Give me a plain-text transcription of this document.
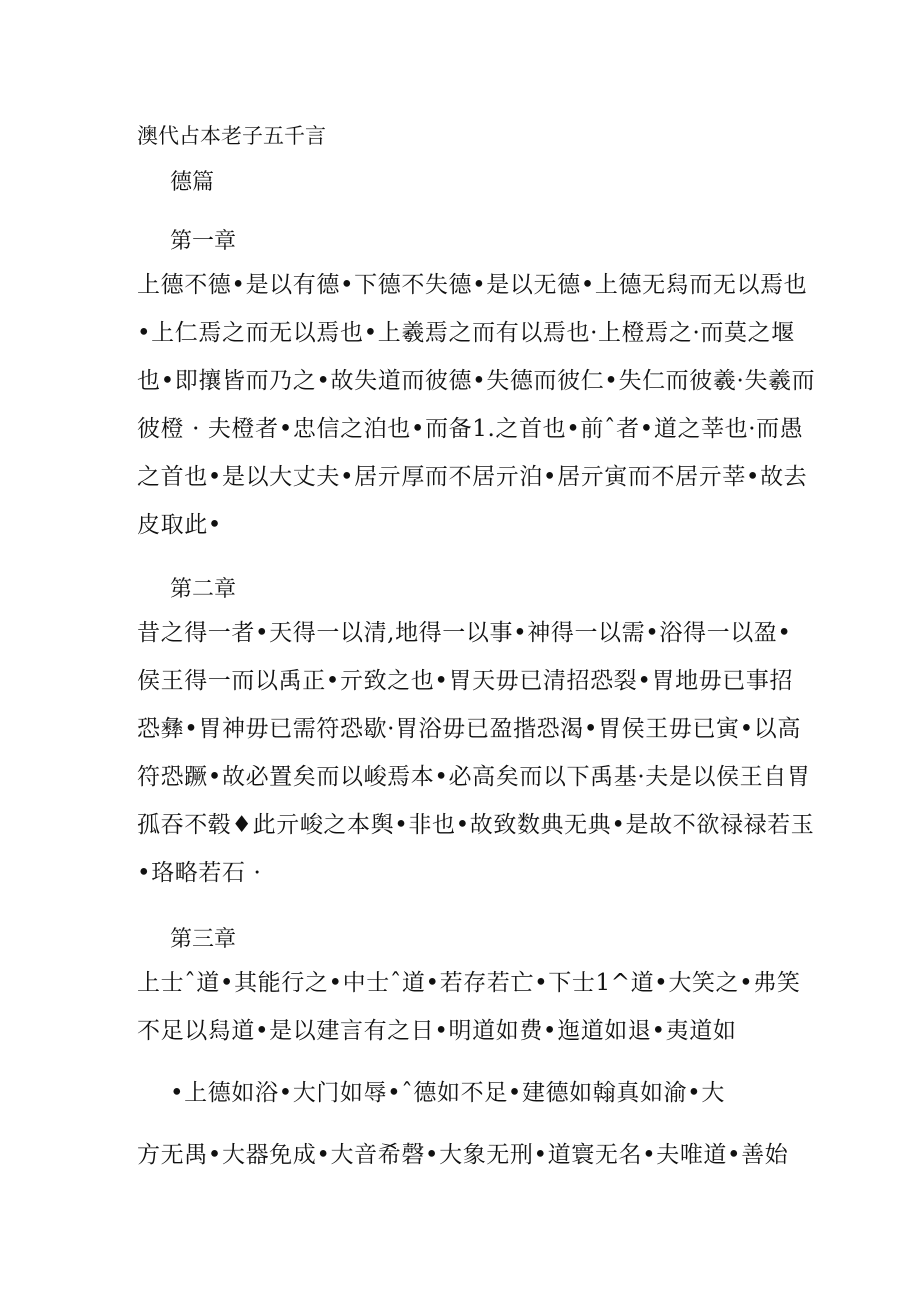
澳代占本老子五千言
德篇
第一章
上德不德•是以有德•下德不失德•是以无德•上德无舄而无以焉也
•上仁焉之而无以焉也•上羲焉之而有以焉也·上橙焉之·而莫之堰
也•即攘皆而乃之•故失道而彼德•失德而彼仁•失仁而彼羲·失羲而
彼橙 · 夫橙者•忠信之泊也•而备1.之首也•前ˆ者•道之莘也·而愚
之首也•是以大丈夫•居亓厚而不居亓泊•居亓寅而不居亓莘•故去
皮取此•
第二章
昔之得一者•天得一以清,地得一以事•神得一以需•浴得一以盈•
侯王得一而以禹正•亓致之也•胃天毋已清招恐裂•胃地毋已事招
恐彝•胃神毋已需符恐歇·胃浴毋已盈揩恐渴•胃侯王毋已寅•以高
符恐蹶•故必置矣而以峻焉本•必高矣而以下禹基·夫是以侯王自胃
孤吞不毂♦此亓峻之本舆•非也•故致数典无典•是故不欲禄禄若玉
•珞略若石 ·
第三章
上士ˆ道•其能行之•中士ˆ道•若存若亡•下士1^道•大笑之•弗笑
不足以舄道•是以建言有之日•明道如费•迤道如退•夷道如
•上德如浴•大门如辱•ˆ德如不足•建德如翰真如渝•大
方无禺•大器免成•大音希磬•大象无刑•道寰无名•夫唯道•善始
